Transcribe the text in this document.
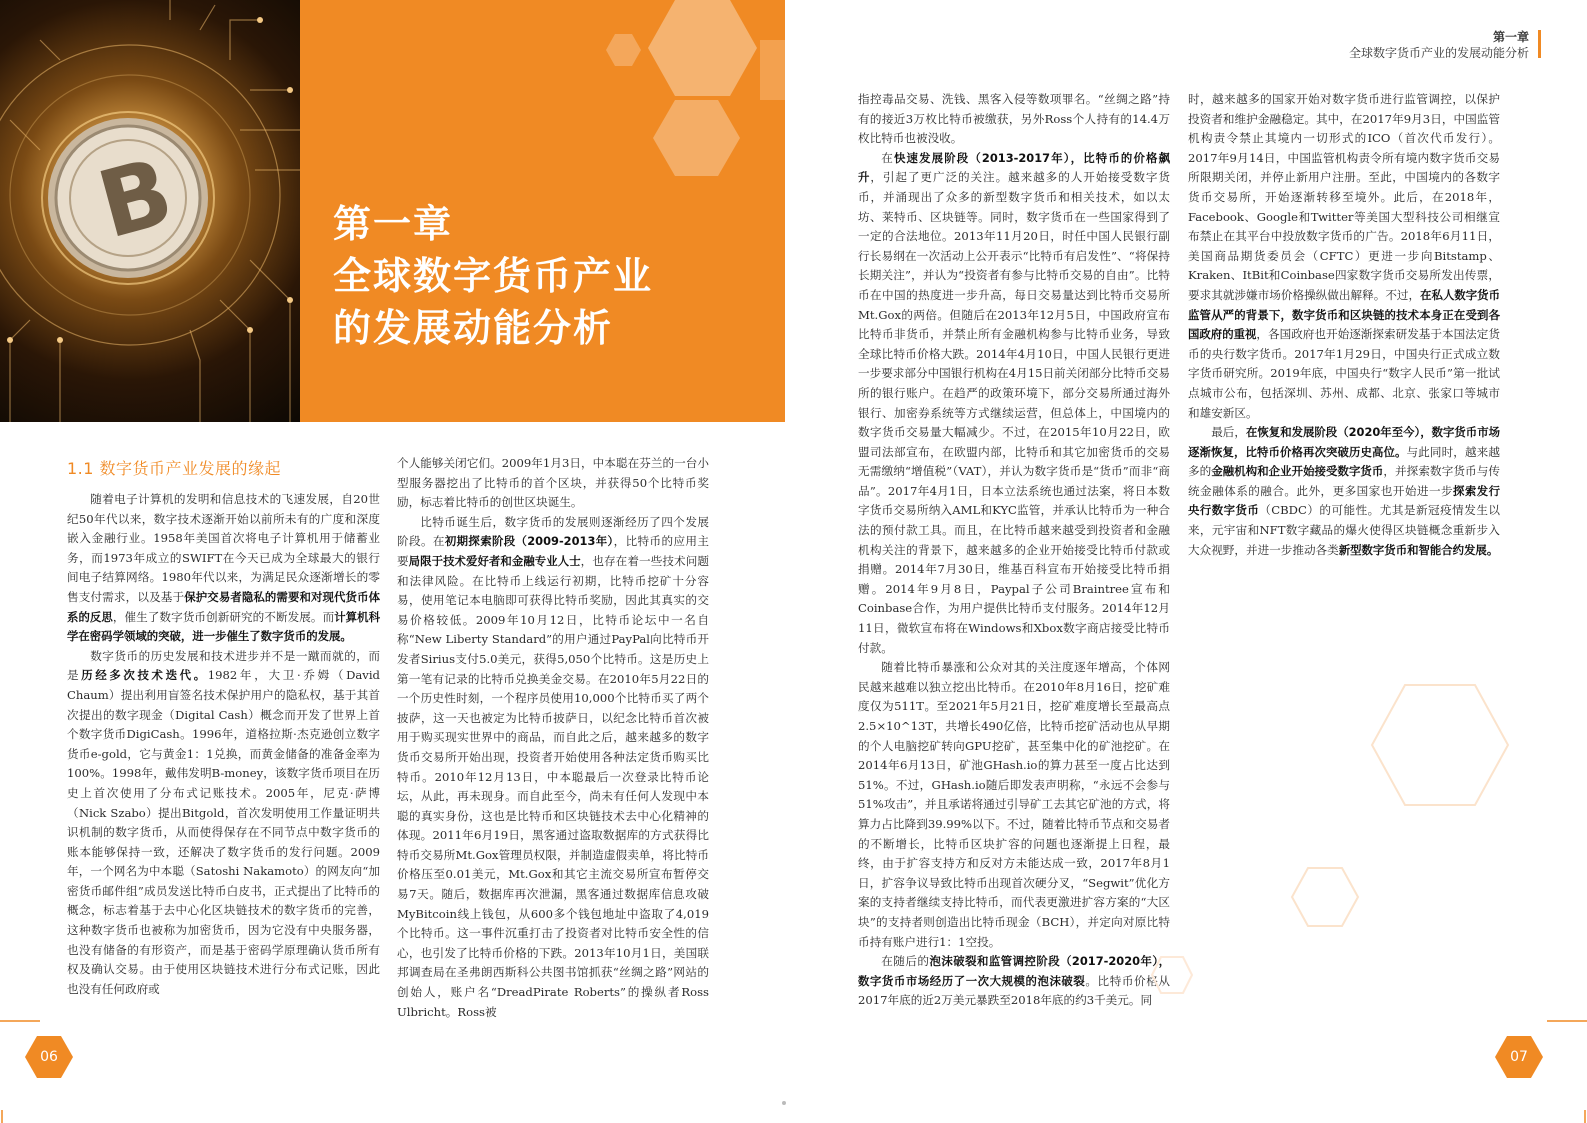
B	第一章
全球数字货币产业
的发展动能分析
第一章
全球数字货币产业的发展动能分析
1.1 数字货币产业发展的缘起

随着电子计算机的发明和信息技术的飞速发展，自20世纪50年代以来，数字技术逐渐开始以前所未有的广度和深度嵌入金融行业。1958年美国首次将电子计算机用于储蓄业务，而1973年成立的SWIFT在今天已成为全球最大的银行间电子结算网络。1980年代以来，为满足民众逐渐增长的零售支付需求，以及基于保护交易者隐私的需要和对现代货币体系的反思，催生了数字货币创新研究的不断发展。而计算机科学在密码学领域的突破，进一步催生了数字货币的发展。

数字货币的历史发展和技术进步并不是一蹴而就的，而是历经多次技术迭代。1982年，大卫·乔姆（David Chaum）提出利用盲签名技术保护用户的隐私权，基于其首次提出的数字现金（Digital Cash）概念而开发了世界上首个数字货币DigiCash。1996年，道格拉斯·杰克逊创立数字货币e-gold，它与黄金1：1兑换，而黄金储备的准备金率为100%。1998年，戴伟发明B-money，该数字货币项目在历史上首次使用了分布式记账技术。2005年，尼克·萨博（Nick Szabo）提出Bitgold，首次发明使用工作量证明共识机制的数字货币，从而使得保存在不同节点中数字货币的账本能够保持一致，还解决了数字货币的发行问题。2009年，一个网名为中本聪（Satoshi Nakamoto）的网友向“加密货币邮件组”成员发送比特币白皮书，正式提出了比特币的概念，标志着基于去中心化区块链技术的数字货币的完善，这种数字货币也被称为加密货币，因为它没有中央服务器，也没有储备的有形资产，而是基于密码学原理确认货币所有权及确认交易。由于使用区块链技术进行分布式记账，因此也没有任何政府或

个人能够关闭它们。2009年1月3日，中本聪在芬兰的一台小型服务器挖出了比特币的首个区块，并获得50个比特币奖励，标志着比特币的创世区块诞生。

比特币诞生后，数字货币的发展则逐渐经历了四个发展阶段。在初期探索阶段（2009-2013年），比特币的应用主要局限于技术爱好者和金融专业人士，也存在着一些技术问题和法律风险。在比特币上线运行初期，比特币挖矿十分容易，使用笔记本电脑即可获得比特币奖励，因此其真实的交易价格较低。2009年10月12日，比特币论坛中一名自称“New Liberty Standard”的用户通过PayPal向比特币开发者Sirius支付5.0美元，获得5,050个比特币。这是历史上第一笔有记录的比特币兑换美金交易。在2010年5月22日的一个历史性时刻，一个程序员使用10,000个比特币买了两个披萨，这一天也被定为比特币披萨日，以纪念比特币首次被用于购买现实世界中的商品，而自此之后，越来越多的数字货币交易所开始出现，投资者开始使用各种法定货币购买比特币。2010年12月13日，中本聪最后一次登录比特币论坛，从此，再未现身。而自此至今，尚未有任何人发现中本聪的真实身份，这也是比特币和区块链技术去中心化精神的体现。2011年6月19日，黑客通过盗取数据库的方式获得比特币交易所Mt.Gox管理员权限，并制造虚假卖单，将比特币价格压至0.01美元，Mt.Gox和其它主流交易所宣布暂停交易7天。随后，数据库再次泄漏，黑客通过数据库信息攻破MyBitcoin线上钱包，从600多个钱包地址中盗取了4,019个比特币。这一事件沉重打击了投资者对比特币安全性的信心，也引发了比特币价格的下跌。2013年10月1日，美国联邦调查局在圣弗朗西斯科公共图书馆抓获“丝绸之路”网站的创始人，账户名“DreadPirate Roberts”的操纵者Ross Ulbricht。Ross被

指控毒品交易、洗钱、黑客入侵等数项罪名。“丝绸之路”持有的接近3万枚比特币被缴获，另外Ross个人持有的14.4万枚比特币也被没收。

在快速发展阶段（2013-2017年），比特币的价格飙升，引起了更广泛的关注。越来越多的人开始接受数字货币，并涌现出了众多的新型数字货币和相关技术，如以太坊、莱特币、区块链等。同时，数字货币在一些国家得到了一定的合法地位。2013年11月20日，时任中国人民银行副行长易纲在一次活动上公开表示“比特币有启发性”、“将保持长期关注”，并认为“投资者有参与比特币交易的自由”。比特币在中国的热度进一步升高，每日交易量达到比特币交易所Mt.Gox的两倍。但随后在2013年12月5日，中国政府宣布比特币非货币，并禁止所有金融机构参与比特币业务，导致全球比特币价格大跌。2014年4月10日，中国人民银行更进一步要求部分中国银行机构在4月15日前关闭部分比特币交易所的银行账户。在趋严的政策环境下，部分交易所通过海外银行、加密券系统等方式继续运营，但总体上，中国境内的数字货币交易量大幅减少。不过，在2015年10月22日，欧盟司法部宣布，在欧盟内部，比特币和其它加密货币的交易无需缴纳“增值税”（VAT），并认为数字货币是“货币”而非“商品”。2017年4月1日，日本立法系统也通过法案，将日本数字货币交易所纳入AML和KYC监管，并承认比特币为一种合法的预付款工具。而且，在比特币越来越受到投资者和金融机构关注的背景下，越来越多的企业开始接受比特币付款或捐赠。2014年7月30日，维基百科宣布开始接受比特币捐赠。2014年9月8日，Paypal子公司Braintree宣布和Coinbase合作，为用户提供比特币支付服务。2014年12月11日，微软宣布将在Windows和Xbox数字商店接受比特币付款。

随着比特币暴涨和公众对其的关注度逐年增高，个体网民越来越难以独立挖出比特币。在2010年8月16日，挖矿难度仅为511T。至2021年5月21日，挖矿难度增长至最高点2.5×10^13T，共增长490亿倍，比特币挖矿活动也从早期的个人电脑挖矿转向GPU挖矿，甚至集中化的矿池挖矿。在2014年6月13日，矿池GHash.io的算力甚至一度占比达到51%。不过，GHash.io随后即发表声明称，“永远不会参与51%攻击”，并且承诺将通过引导矿工去其它矿池的方式，将算力占比降到39.99%以下。不过，随着比特币节点和交易者的不断增长，比特币区块扩容的问题也逐渐提上日程，最终，由于扩容支持方和反对方未能达成一致，2017年8月1日，扩容争议导致比特币出现首次硬分叉，“Segwit”优化方案的支持者继续支持比特币，而代表更激进扩容方案的“大区块”的支持者则创造出比特币现金（BCH），并定向对原比特币持有账户进行1：1空投。

在随后的泡沫破裂和监管调控阶段（2017-2020年），数字货币市场经历了一次大规模的泡沫破裂。比特币价格从2017年底的近2万美元暴跌至2018年底的约3千美元。同

时，越来越多的国家开始对数字货币进行监管调控，以保护投资者和维护金融稳定。其中，在2017年9月3日，中国监管机构责令禁止其境内一切形式的ICO（首次代币发行）。2017年9月14日，中国监管机构责令所有境内数字货币交易所限期关闭，并停止新用户注册。至此，中国境内的各数字货币交易所，开始逐渐转移至境外。此后，在2018年，Facebook、Google和Twitter等美国大型科技公司相继宣布禁止在其平台中投放数字货币的广告。2018年6月11日，美国商品期货委员会（CFTC）更进一步向Bitstamp、Kraken、ItBit和Coinbase四家数字货币交易所发出传票，要求其就涉嫌市场价格操纵做出解释。不过，在私人数字货币监管从严的背景下，数字货币和区块链的技术本身正在受到各国政府的重视，各国政府也开始逐渐探索研发基于本国法定货币的央行数字货币。2017年1月29日，中国央行正式成立数字货币研究所。2019年底，中国央行“数字人民币”第一批试点城市公布，包括深圳、苏州、成都、北京、张家口等城市和雄安新区。

最后，在恢复和发展阶段（2020年至今），数字货币市场逐渐恢复，比特币价格再次突破历史高位。与此同时，越来越多的金融机构和企业开始接受数字货币，并探索数字货币与传统金融体系的融合。此外，更多国家也开始进一步探索发行央行数字货币（CBDC）的可能性。尤其是新冠疫情发生以来，元宇宙和NFT数字藏品的爆火使得区块链概念重新步入大众视野，并进一步推动各类新型数字货币和智能合约发展。

06	07
